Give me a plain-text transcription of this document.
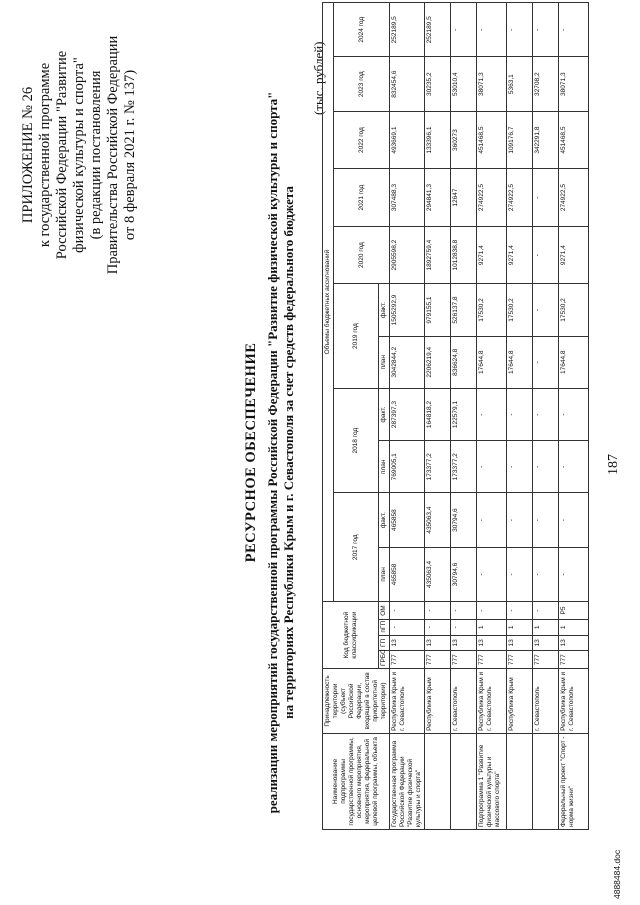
187
ПРИЛОЖЕНИЕ № 26 к государственной программе Российской Федерации "Развитие физической культуры и спорта" (в редакции постановления Правительства Российской Федерации от 8 февраля 2021 г. № 137)
РЕСУРСНОЕ ОБЕСПЕЧЕНИЕ реализации мероприятий государственной программы Российской Федерации "Развитие физической культуры и спорта" на территориях Республики Крым и г. Севастополя за счет средств федерального бюджета
(тыс. рублей)
Наименование подпрограммы государственной программы, основного мероприятия, мероприятия, федеральной целевой программы, объекта	Принадлежность территории (субъект Российской Федерации, входящий в состав приоритетной территории)	Код бюджетной классификации				Объемы бюджетных ассигнований										
						2017 год		2018 год		2019 год		2020 год	2021 год	2022 год	2023 год	2024 год
		ГРБС	ГП	пГП	ОМ	план	факт.	план	факт.	план	факт.					
Государственная программа Российской Федерации "Развитие физической культуры и спорта"	Республика Крым и г. Севастополь	777	13	-	-	465858	465858	769005,1	287397,3	3042844,2	1505292,9	2905598,2	307488,3	493669,1	832454,6	252189,5
	Республика Крым	777	13	-	-	435063,4	435063,4	173377,2	164818,2	2206219,4	979155,1	1892759,4	294841,3	133396,1	30235,2	252189,5
	г. Севастополь	777	13	-	-	30794,6	30794,6	173377,2	122579,1	836624,8	526137,8	1012838,8	12647	360273	53010,4	-
Подпрограмма 1 "Развитие физической культуры и массового спорта"	Республика Крым и г. Севастополь	777	13	1	-	-	-	-	-	17644,8	17530,2	9271,4	274922,5	451468,5	38071,3	-
	Республика Крым	777	13	1	-	-	-	-	-	17644,8	17530,2	9271,4	274922,5	109176,7	5363,1	-
	г. Севастополь	777	13	1	-	-	-	-	-	-	-	-	-	342291,8	32708,2	-
Федеральный проект "Спорт - норма жизни"	Республика Крым и г. Севастополь	777	13	1	P5	-	-	-	-	17644,8	17530,2	9271,4	274922,5	451468,5	38071,3	-
4888484.doc
